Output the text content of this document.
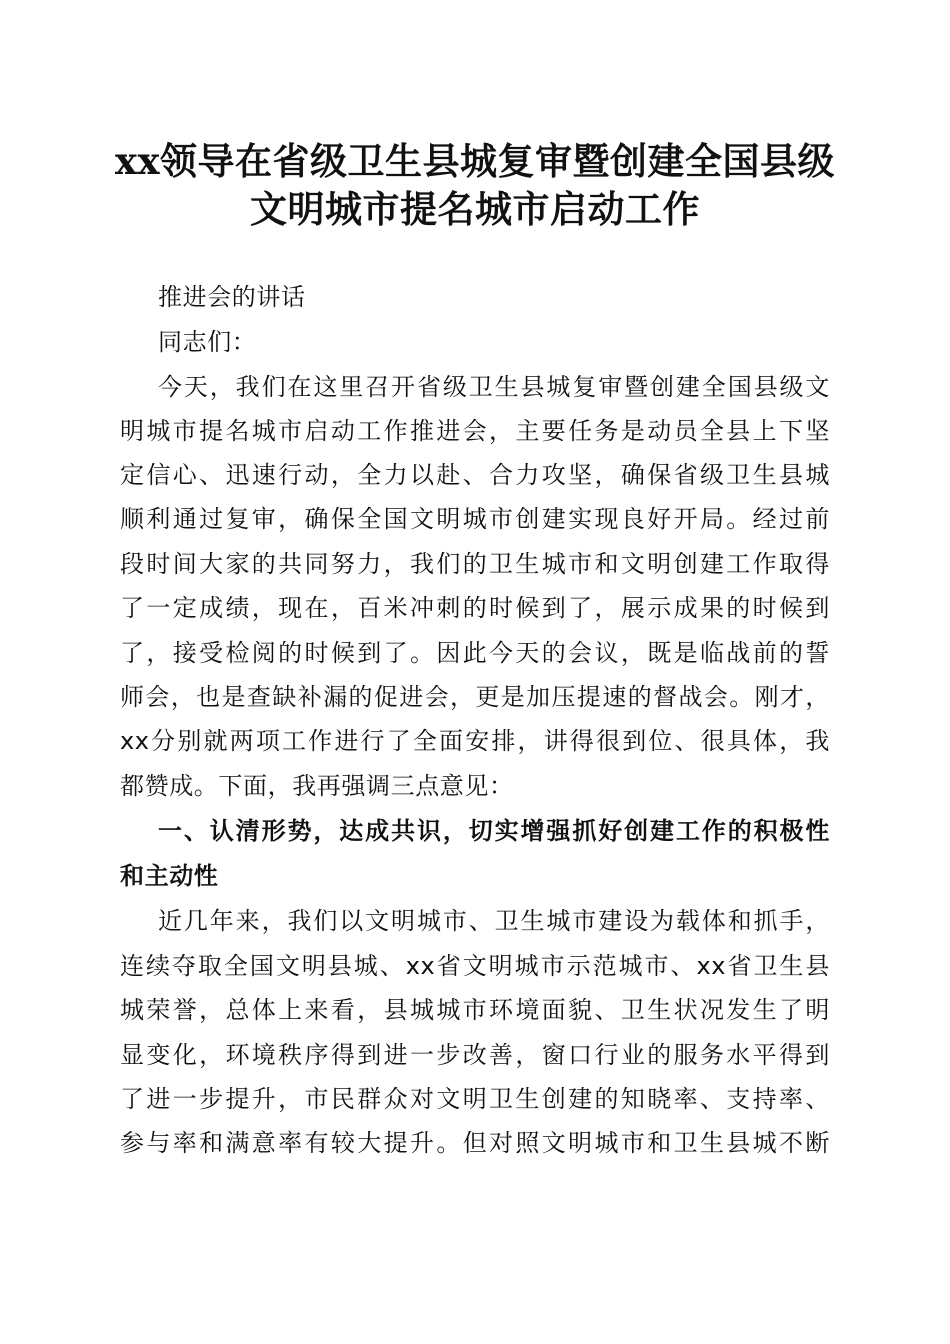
xx领导在省级卫生县城复审暨创建全国县级
文明城市提名城市启动工作
推进会的讲话
同志们：
今天，我们在这里召开省级卫生县城复审暨创建全国县级文
明城市提名城市启动工作推进会，主要任务是动员全县上下坚
定信心、迅速行动，全力以赴、合力攻坚，确保省级卫生县城
顺利通过复审，确保全国文明城市创建实现良好开局。经过前
段时间大家的共同努力，我们的卫生城市和文明创建工作取得
了一定成绩，现在，百米冲刺的时候到了，展示成果的时候到
了，接受检阅的时候到了。因此今天的会议，既是临战前的誓
师会，也是查缺补漏的促进会，更是加压提速的督战会。刚才，
xx分别就两项工作进行了全面安排，讲得很到位、很具体，我
都赞成。下面，我再强调三点意见：
一、认清形势，达成共识，切实增强抓好创建工作的积极性
和主动性
近几年来，我们以文明城市、卫生城市建设为载体和抓手，
连续夺取全国文明县城、xx省文明城市示范城市、xx省卫生县
城荣誉，总体上来看，县城城市环境面貌、卫生状况发生了明
显变化，环境秩序得到进一步改善，窗口行业的服务水平得到
了进一步提升，市民群众对文明卫生创建的知晓率、支持率、
参与率和满意率有较大提升。但对照文明城市和卫生县城不断
